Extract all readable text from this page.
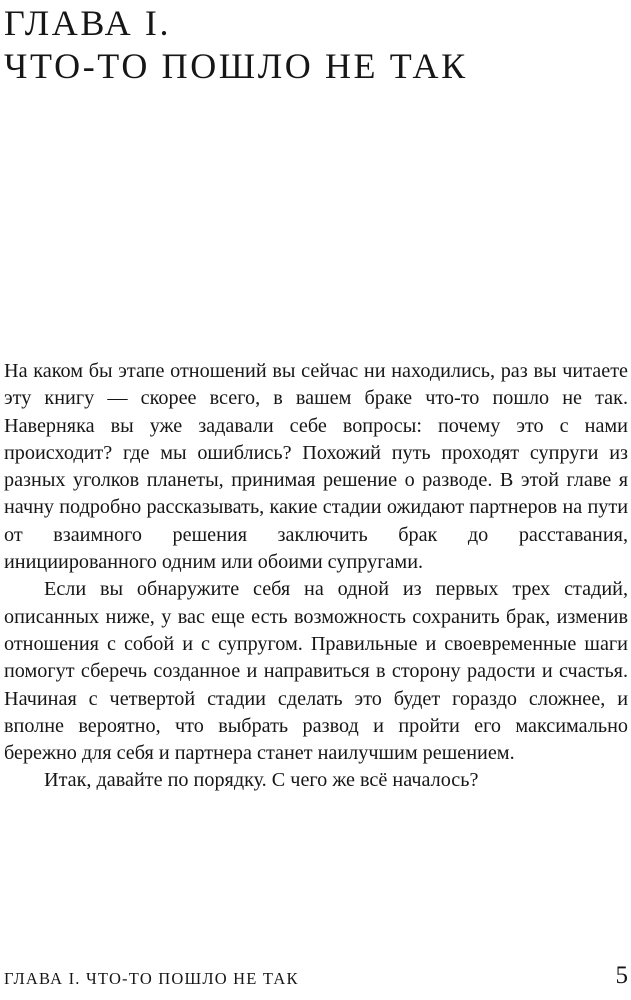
ГЛАВА I.
ЧТО-ТО ПОШЛО НЕ ТАК

На каком бы этапе отношений вы сейчас ни находились, раз вы читаете эту книгу — скорее всего, в вашем браке что-то пошло не так. Наверняка вы уже задавали себе вопросы: почему это с нами происходит? где мы ошиблись? Похожий путь проходят супруги из разных уголков планеты, принимая решение о разводе. В этой главе я начну подробно рассказывать, какие стадии ожидают партнеров на пути от взаимного решения заключить брак до расставания, инициированного одним или обоими супругами.

Если вы обнаружите себя на одной из первых трех стадий, описанных ниже, у вас еще есть возможность сохранить брак, изменив отношения с собой и с супругом. Правильные и своевременные шаги помогут сберечь созданное и направиться в сторону радости и счастья. Начиная с четвертой стадии сделать это будет гораздо сложнее, и вполне вероятно, что выбрать развод и пройти его максимально бережно для себя и партнера станет наилучшим решением.

Итак, давайте по порядку. С чего же всё началось?

ГЛАВА I. ЧТО-ТО ПОШЛО НЕ ТАК	5
